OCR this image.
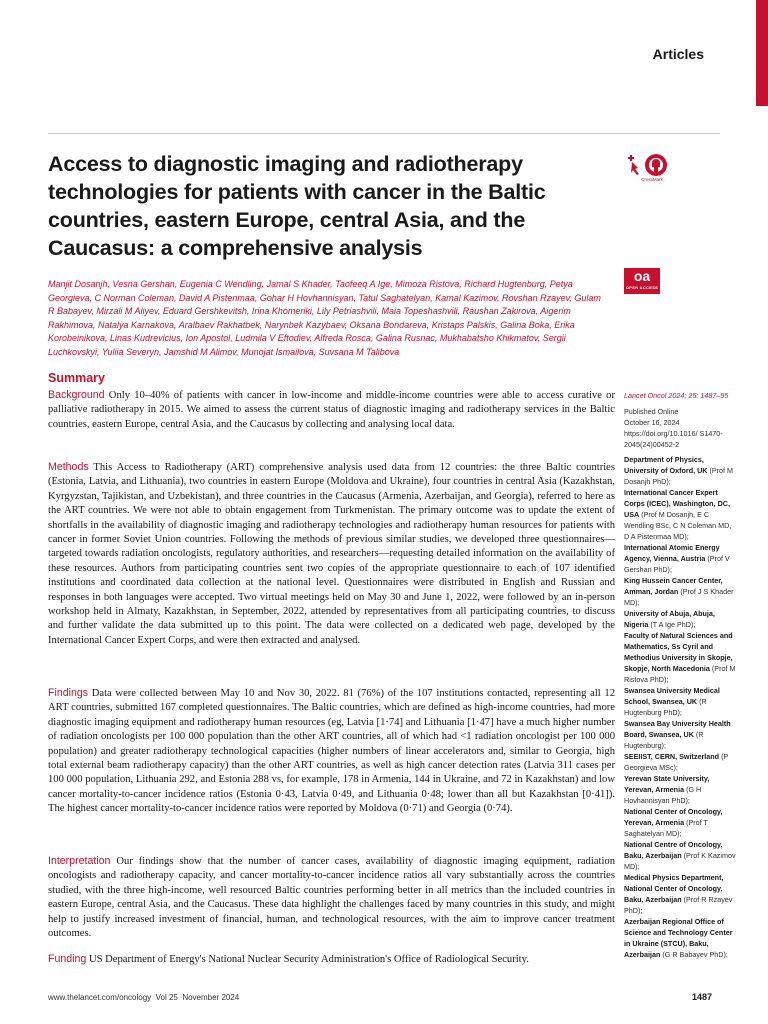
Articles
Access to diagnostic imaging and radiotherapy technologies for patients with cancer in the Baltic countries, eastern Europe, central Asia, and the Caucasus: a comprehensive analysis
CrossMark

Manjit Dosanjh, Vesna Gershan, Eugenia C Wendling, Jamal S Khader, Taofeeq A Ige, Mimoza Ristova, Richard Hugtenburg, Petya Georgieva, C Norman Coleman, David A Pistenmaa, Gohar H Hovhannisyan, Tatul Saghatelyan, Kamal Kazimov, Rovshan Rzayev, Gulam R Babayev, Mirzali M Aliyev, Eduard Gershkevitsh, Irina Khomeriki, Lily Petriashvili, Maia Topeshashvili, Raushan Zakirova, Aigerim Rakhimova, Natalya Karnakova, Aralbaev Rakhatbek, Narynbek Kazybaev, Oksana Bondareva, Kristaps Palskis, Galina Boka, Erika Korobeinikova, Linas Kudrevicius, Ion Apostol, Ludmila V Eftodiev, Alfreda Rosca, Galina Rusnac, Mukhabatsho Khikmatov, Sergii Luchkovskyi, Yuliia Severyn, Jamshid M Alimov, Munojat Ismailova, Suvsana M Talibova

oa
OPEN ACCESS
Summary

Background Only 10–40% of patients with cancer in low-income and middle-income countries were able to access curative or palliative radiotherapy in 2015. We aimed to assess the current status of diagnostic imaging and radiotherapy services in the Baltic countries, eastern Europe, central Asia, and the Caucasus by collecting and analysing local data.

Methods This Access to Radiotherapy (ART) comprehensive analysis used data from 12 countries: the three Baltic countries (Estonia, Latvia, and Lithuania), two countries in eastern Europe (Moldova and Ukraine), four countries in central Asia (Kazakhstan, Kyrgyzstan, Tajikistan, and Uzbekistan), and three countries in the Caucasus (Armenia, Azerbaijan, and Georgia), referred to here as the ART countries. We were not able to obtain engagement from Turkmenistan. The primary outcome was to update the extent of shortfalls in the availability of diagnostic imaging and radiotherapy technologies and radiotherapy human resources for patients with cancer in former Soviet Union countries. Following the methods of previous similar studies, we developed three questionnaires—targeted towards radiation oncologists, regulatory authorities, and researchers—requesting detailed information on the availability of these resources. Authors from participating countries sent two copies of the appropriate questionnaire to each of 107 identified institutions and coordinated data collection at the national level. Questionnaires were distributed in English and Russian and responses in both languages were accepted. Two virtual meetings held on May 30 and June 1, 2022, were followed by an in-person workshop held in Almaty, Kazakhstan, in September, 2022, attended by representatives from all participating countries, to discuss and further validate the data submitted up to this point. The data were collected on a dedicated web page, developed by the International Cancer Expert Corps, and were then extracted and analysed.

Findings Data were collected between May 10 and Nov 30, 2022. 81 (76%) of the 107 institutions contacted, representing all 12 ART countries, submitted 167 completed questionnaires. The Baltic countries, which are defined as high-income countries, had more diagnostic imaging equipment and radiotherapy human resources (eg, Latvia [1·74] and Lithuania [1·47] have a much higher number of radiation oncologists per 100 000 population than the other ART countries, all of which had <1 radiation oncologist per 100 000 population) and greater radiotherapy technological capacities (higher numbers of linear accelerators and, similar to Georgia, high total external beam radiotherapy capacity) than the other ART countries, as well as high cancer detection rates (Latvia 311 cases per 100 000 population, Lithuania 292, and Estonia 288 vs, for example, 178 in Armenia, 144 in Ukraine, and 72 in Kazakhstan) and low cancer mortality-to-cancer incidence ratios (Estonia 0·43, Latvia 0·49, and Lithuania 0·48; lower than all but Kazakhstan [0·41]). The highest cancer mortality-to-cancer incidence ratios were reported by Moldova (0·71) and Georgia (0·74).

Interpretation Our findings show that the number of cancer cases, availability of diagnostic imaging equipment, radiation oncologists and radiotherapy capacity, and cancer mortality-to-cancer incidence ratios all vary substantially across the countries studied, with the three high-income, well resourced Baltic countries performing better in all metrics than the included countries in eastern Europe, central Asia, and the Caucasus. These data highlight the challenges faced by many countries in this study, and might help to justify increased investment of financial, human, and technological resources, with the aim to improve cancer treatment outcomes.

Funding US Department of Energy's National Nuclear Security Administration's Office of Radiological Security.

Lancet Oncol 2024; 25: 1487–95
Published Online
October 16, 2024
https://doi.org/10.1016/ S1470-2045(24)00452-2

Department of Physics, University of Oxford, UK (Prof M Dosanjh PhD);

International Cancer Expert Corps (ICEC), Washington, DC, USA (Prof M Dosanjh, E C Wendling BSc, C N Coleman MD, D A Pistenmaa MD);

International Atomic Energy Agency, Vienna, Austria (Prof V Gershan PhD);

King Hussein Cancer Center, Amman, Jordan (Prof J S Khader MD);

University of Abuja, Abuja, Nigeria (T A Ige PhD);

Faculty of Natural Sciences and Mathematics, Ss Cyril and Methodius University in Skopje, Skopje, North Macedonia (Prof M Ristova PhD);

Swansea University Medical School, Swansea, UK (R Hugtenburg PhD);

Swansea Bay University Health Board, Swansea, UK (R Hugtenburg);

SEEIIST, CERN, Switzerland (P Georgieva MSc);

Yerevan State University, Yerevan, Armenia (G H Hovhannisyan PhD);

National Center of Oncology, Yerevan, Armenia (Prof T Saghatelyan MD);

National Centre of Oncology, Baku, Azerbaijan (Prof K Kazimov MD);

Medical Physics Department, National Center of Oncology, Baku, Azerbaijan (Prof R Rzayev PhD);

Azerbaijan Regional Office of Science and Technology Center in Ukraine (STCU), Baku, Azerbaijan (G R Babayev PhD);

www.thelancet.com/oncology Vol 25 November 2024	1487
